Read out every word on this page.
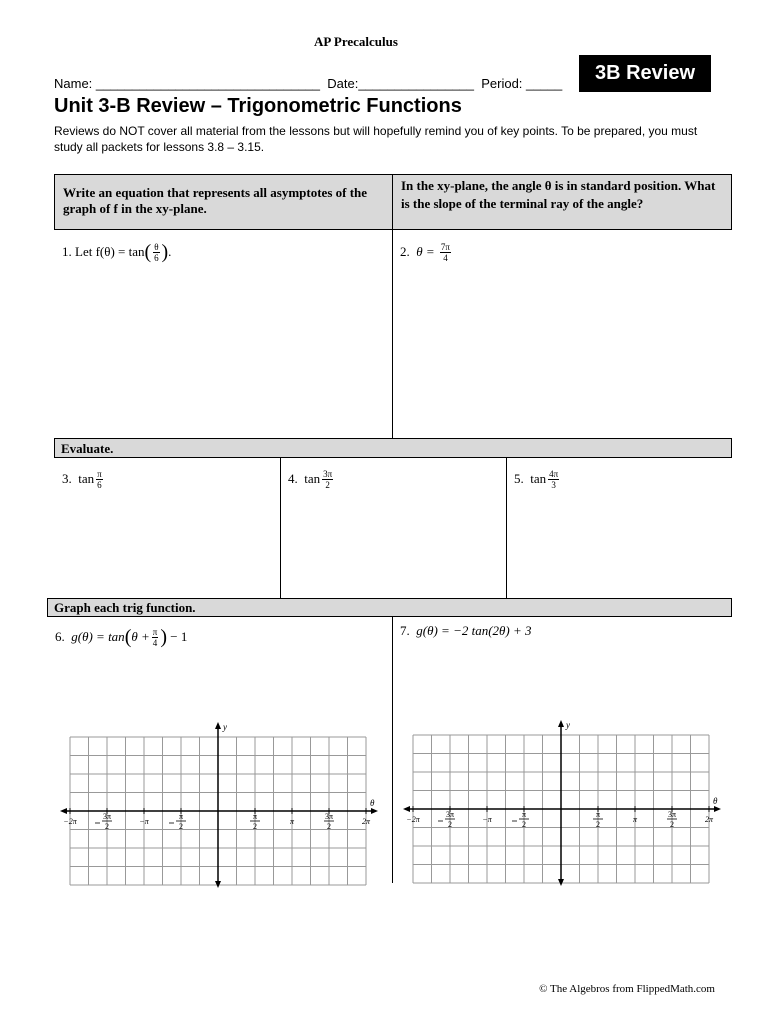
AP Precalculus
Name: _______________________________  Date:________________  Period: _____	3B Review
Unit 3-B Review – Trigonometric Functions
Reviews do NOT cover all material from the lessons but will hopefully remind you of key points. To be prepared, you must study all packets for lessons 3.8 – 3.15.
Write an equation that represents all asymptotes of the graph of f in the xy-plane.
In the xy-plane, the angle θ is in standard position. What is the slope of the terminal ray of the angle?
1.
Let f(θ) = tan ( $\frac{\theta}{6}$ ) .	2.
θ =
$\frac{7\pi}{4}$
Evaluate.
3.
$\tan \frac{\pi}{6}$	4.
$\tan \frac{3\pi}{2}$	5.
$\tan \frac{4\pi}{3}$
Graph each trig function.
6.
g(θ) = tan ( $\theta + \frac{\pi}{4}$ )
− 1	7.
g(θ) = −2 tan(2θ) + 3
y
θ
−2π
3π
2
−π
π
2
π
2
π
3π
2
2π
y
θ
−2π
3π
2
−π
π
2
π
2
π
3π
2
2π
© The Algebros from FlippedMath.com
